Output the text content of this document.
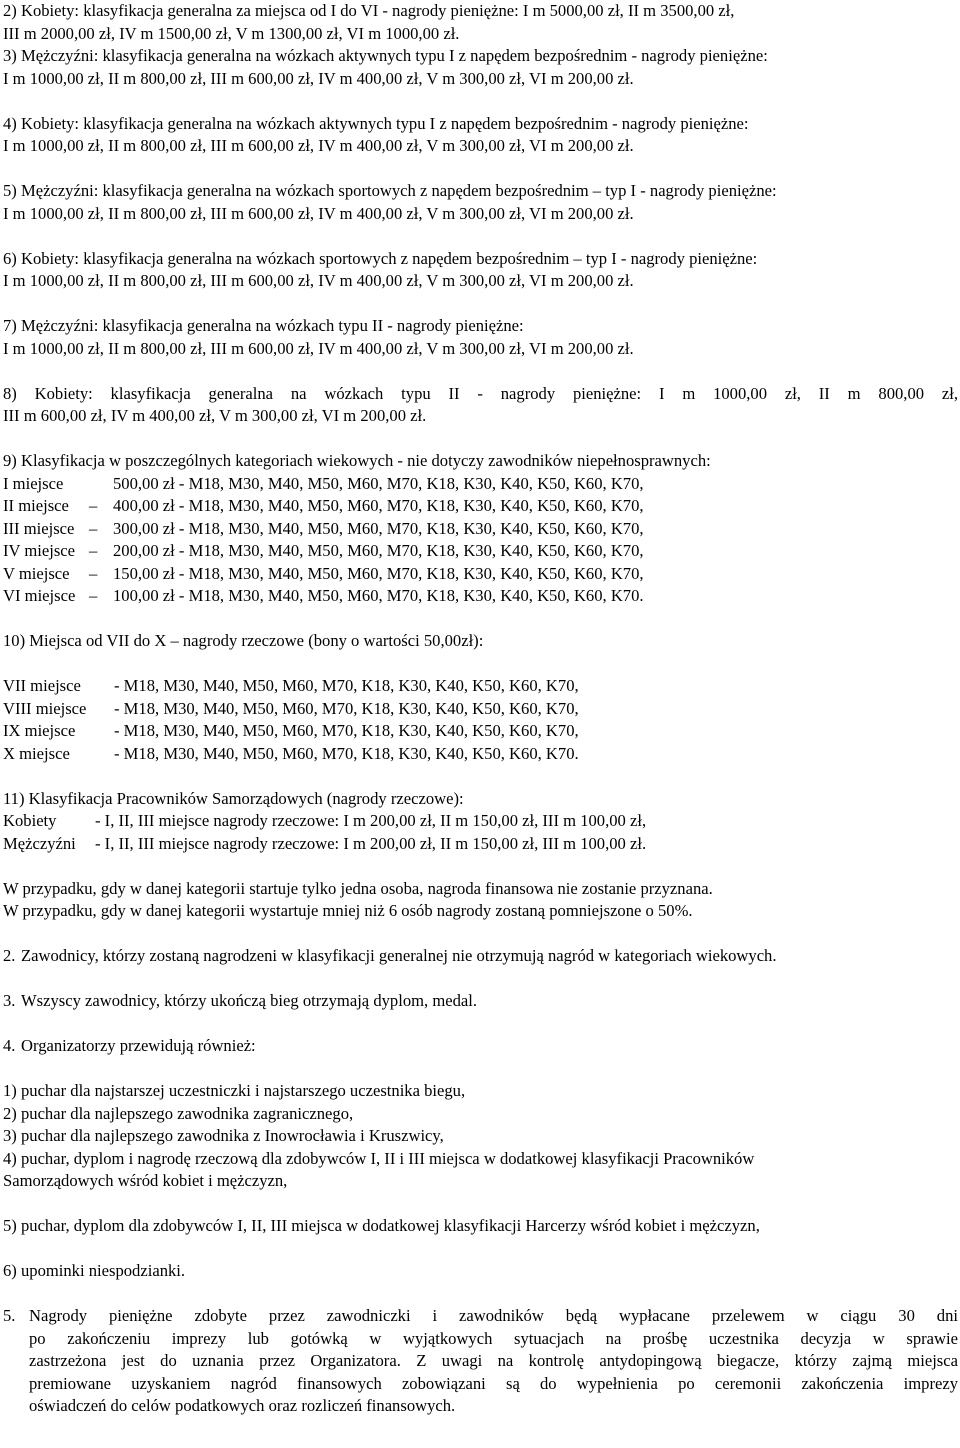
2) Kobiety: klasyfikacja generalna za miejsca od I do VI - nagrody pieniężne: I m 5000,00 zł, II m 3500,00 zł,

III m 2000,00 zł, IV m 1500,00 zł, V m 1300,00 zł, VI m 1000,00 zł.

3) Mężczyźni: klasyfikacja generalna na wózkach aktywnych typu I z napędem bezpośrednim - nagrody pieniężne:

I m 1000,00 zł, II m 800,00 zł, III m 600,00 zł, IV m 400,00 zł, V m 300,00 zł, VI m 200,00 zł.

4) Kobiety: klasyfikacja generalna na wózkach aktywnych typu I z napędem bezpośrednim - nagrody pieniężne:

I m 1000,00 zł, II m 800,00 zł, III m 600,00 zł, IV m 400,00 zł, V m 300,00 zł, VI m 200,00 zł.

5) Mężczyźni: klasyfikacja generalna na wózkach sportowych z napędem bezpośrednim – typ I - nagrody pieniężne:

I m 1000,00 zł, II m 800,00 zł, III m 600,00 zł, IV m 400,00 zł, V m 300,00 zł, VI m 200,00 zł.

6) Kobiety: klasyfikacja generalna na wózkach sportowych z napędem bezpośrednim – typ I - nagrody pieniężne:

I m 1000,00 zł, II m 800,00 zł, III m 600,00 zł, IV m 400,00 zł, V m 300,00 zł, VI m 200,00 zł.

7) Mężczyźni: klasyfikacja generalna na wózkach typu II - nagrody pieniężne:

I m 1000,00 zł, II m 800,00 zł, III m 600,00 zł, IV m 400,00 zł, V m 300,00 zł, VI m 200,00 zł.

8) Kobiety: klasyfikacja generalna na wózkach typu II - nagrody pieniężne: I m 1000,00 zł, II m 800,00 zł,

III m 600,00 zł, IV m 400,00 zł, V m 300,00 zł, VI m 200,00 zł.

9) Klasyfikacja w poszczególnych kategoriach wiekowych - nie dotyczy zawodników niepełnosprawnych:

I miejsce	500,00 zł - M18, M30, M40, M50, M60, M70, K18, K30, K40, K50, K60, K70,
II miejsce	– 400,00 zł - M18, M30, M40, M50, M60, M70, K18, K30, K40, K50, K60, K70,
III miejsce – 300,00 zł - M18, M30, M40, M50, M60, M70, K18, K30, K40, K50, K60, K70,
IV miejsce – 200,00 zł - M18, M30, M40, M50, M60, M70, K18, K30, K40, K50, K60, K70,
V miejsce	– 150,00 zł - M18, M30, M40, M50, M60, M70, K18, K30, K40, K50, K60, K70,
VI miejsce – 100,00 zł - M18, M30, M40, M50, M60, M70, K18, K30, K40, K50, K60, K70.

10) Miejsca od VII do X – nagrody rzeczowe (bony o wartości 50,00zł):

VII miejsce	- M18, M30, M40, M50, M60, M70, K18, K30, K40, K50, K60, K70,
VIII miejsce	- M18, M30, M40, M50, M60, M70, K18, K30, K40, K50, K60, K70,
IX miejsce	- M18, M30, M40, M50, M60, M70, K18, K30, K40, K50, K60, K70,
X miejsce	- M18, M30, M40, M50, M60, M70, K18, K30, K40, K50, K60, K70.

11) Klasyfikacja Pracowników Samorządowych (nagrody rzeczowe):

Kobiety	- I, II, III miejsce nagrody rzeczowe: I m 200,00 zł, II m 150,00 zł, III m 100,00 zł,
Mężczyźni	- I, II, III miejsce nagrody rzeczowe: I m 200,00 zł, II m 150,00 zł, III m 100,00 zł.

W przypadku, gdy w danej kategorii startuje tylko jedna osoba, nagroda finansowa nie zostanie przyznana.

W przypadku, gdy w danej kategorii wystartuje mniej niż 6 osób nagrody zostaną pomniejszone o 50%.

2. Zawodnicy, którzy zostaną nagrodzeni w klasyfikacji generalnej nie otrzymują nagród w kategoriach wiekowych.
3. Wszyscy zawodnicy, którzy ukończą bieg otrzymają dyplom, medal.
4. Organizatorzy przewidują również:

1) puchar dla najstarszej uczestniczki i najstarszego uczestnika biegu,

2) puchar dla najlepszego zawodnika zagranicznego,

3) puchar dla najlepszego zawodnika z Inowrocławia i Kruszwicy,

4) puchar, dyplom i nagrodę rzeczową dla zdobywców I, II i III miejsca w dodatkowej klasyfikacji Pracowników

Samorządowych wśród kobiet i mężczyzn,

5) puchar, dyplom dla zdobywców I, II, III miejsca w dodatkowej klasyfikacji Harcerzy wśród kobiet i mężczyzn,

6) upominki niespodzianki.

5. Nagrody pieniężne zdobyte przez zawodniczki i zawodników będą wypłacane przelewem w ciągu 30 dni
po zakończeniu imprezy lub gotówką w wyjątkowych sytuacjach na prośbę uczestnika decyzja w sprawie
zastrzeżona jest do uznania przez Organizatora. Z uwagi na kontrolę antydopingową biegacze, którzy zajmą miejsca
premiowane uzyskaniem nagród finansowych zobowiązani są do wypełnienia po ceremonii zakończenia imprezy
oświadczeń do celów podatkowych oraz rozliczeń finansowych.
